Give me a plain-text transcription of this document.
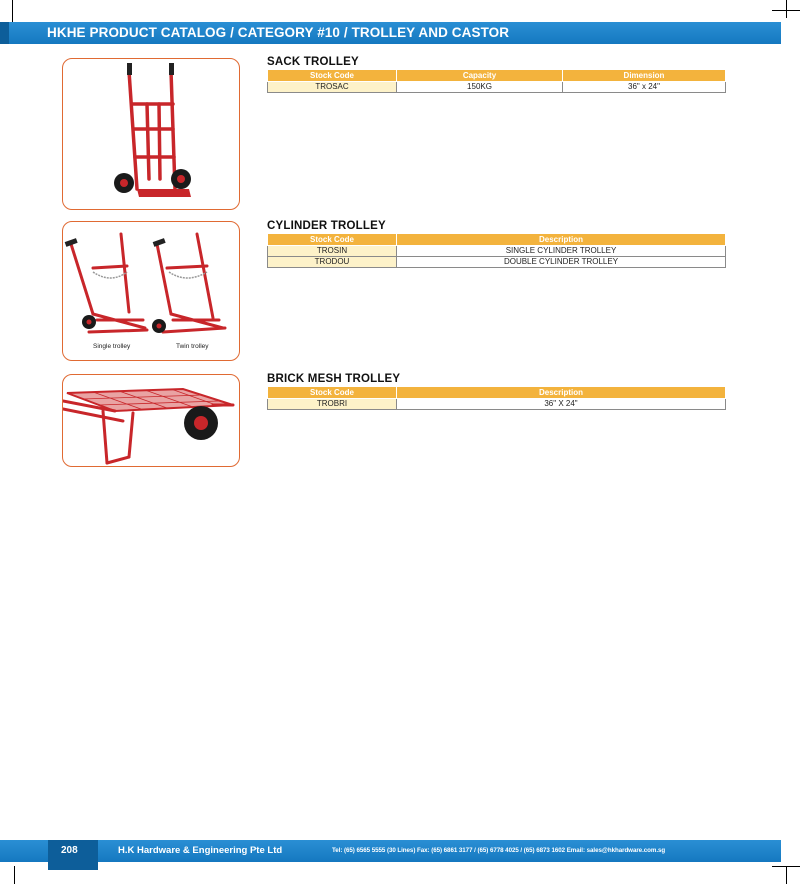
HKHE PRODUCT CATALOG / CATEGORY #10 / TROLLEY AND CASTOR
SACK TROLLEY
Stock Code	Capacity	Dimension
TROSAC	150KG	36" x 24"
Single trolley	Twin trolley
CYLINDER TROLLEY
Stock Code	Description
TROSIN	SINGLE CYLINDER TROLLEY
TRODOU	DOUBLE CYLINDER TROLLEY
BRICK MESH TROLLEY
Stock Code	Description
TROBRI	36" X 24"
208	H.K Hardware & Engineering Pte Ltd	Tel: (65) 6565 5555 (30 Lines) Fax: (65) 6861 3177 / (65) 6778 4025 / (65) 6873 1602 Email: sales@hkhardware.com.sg
